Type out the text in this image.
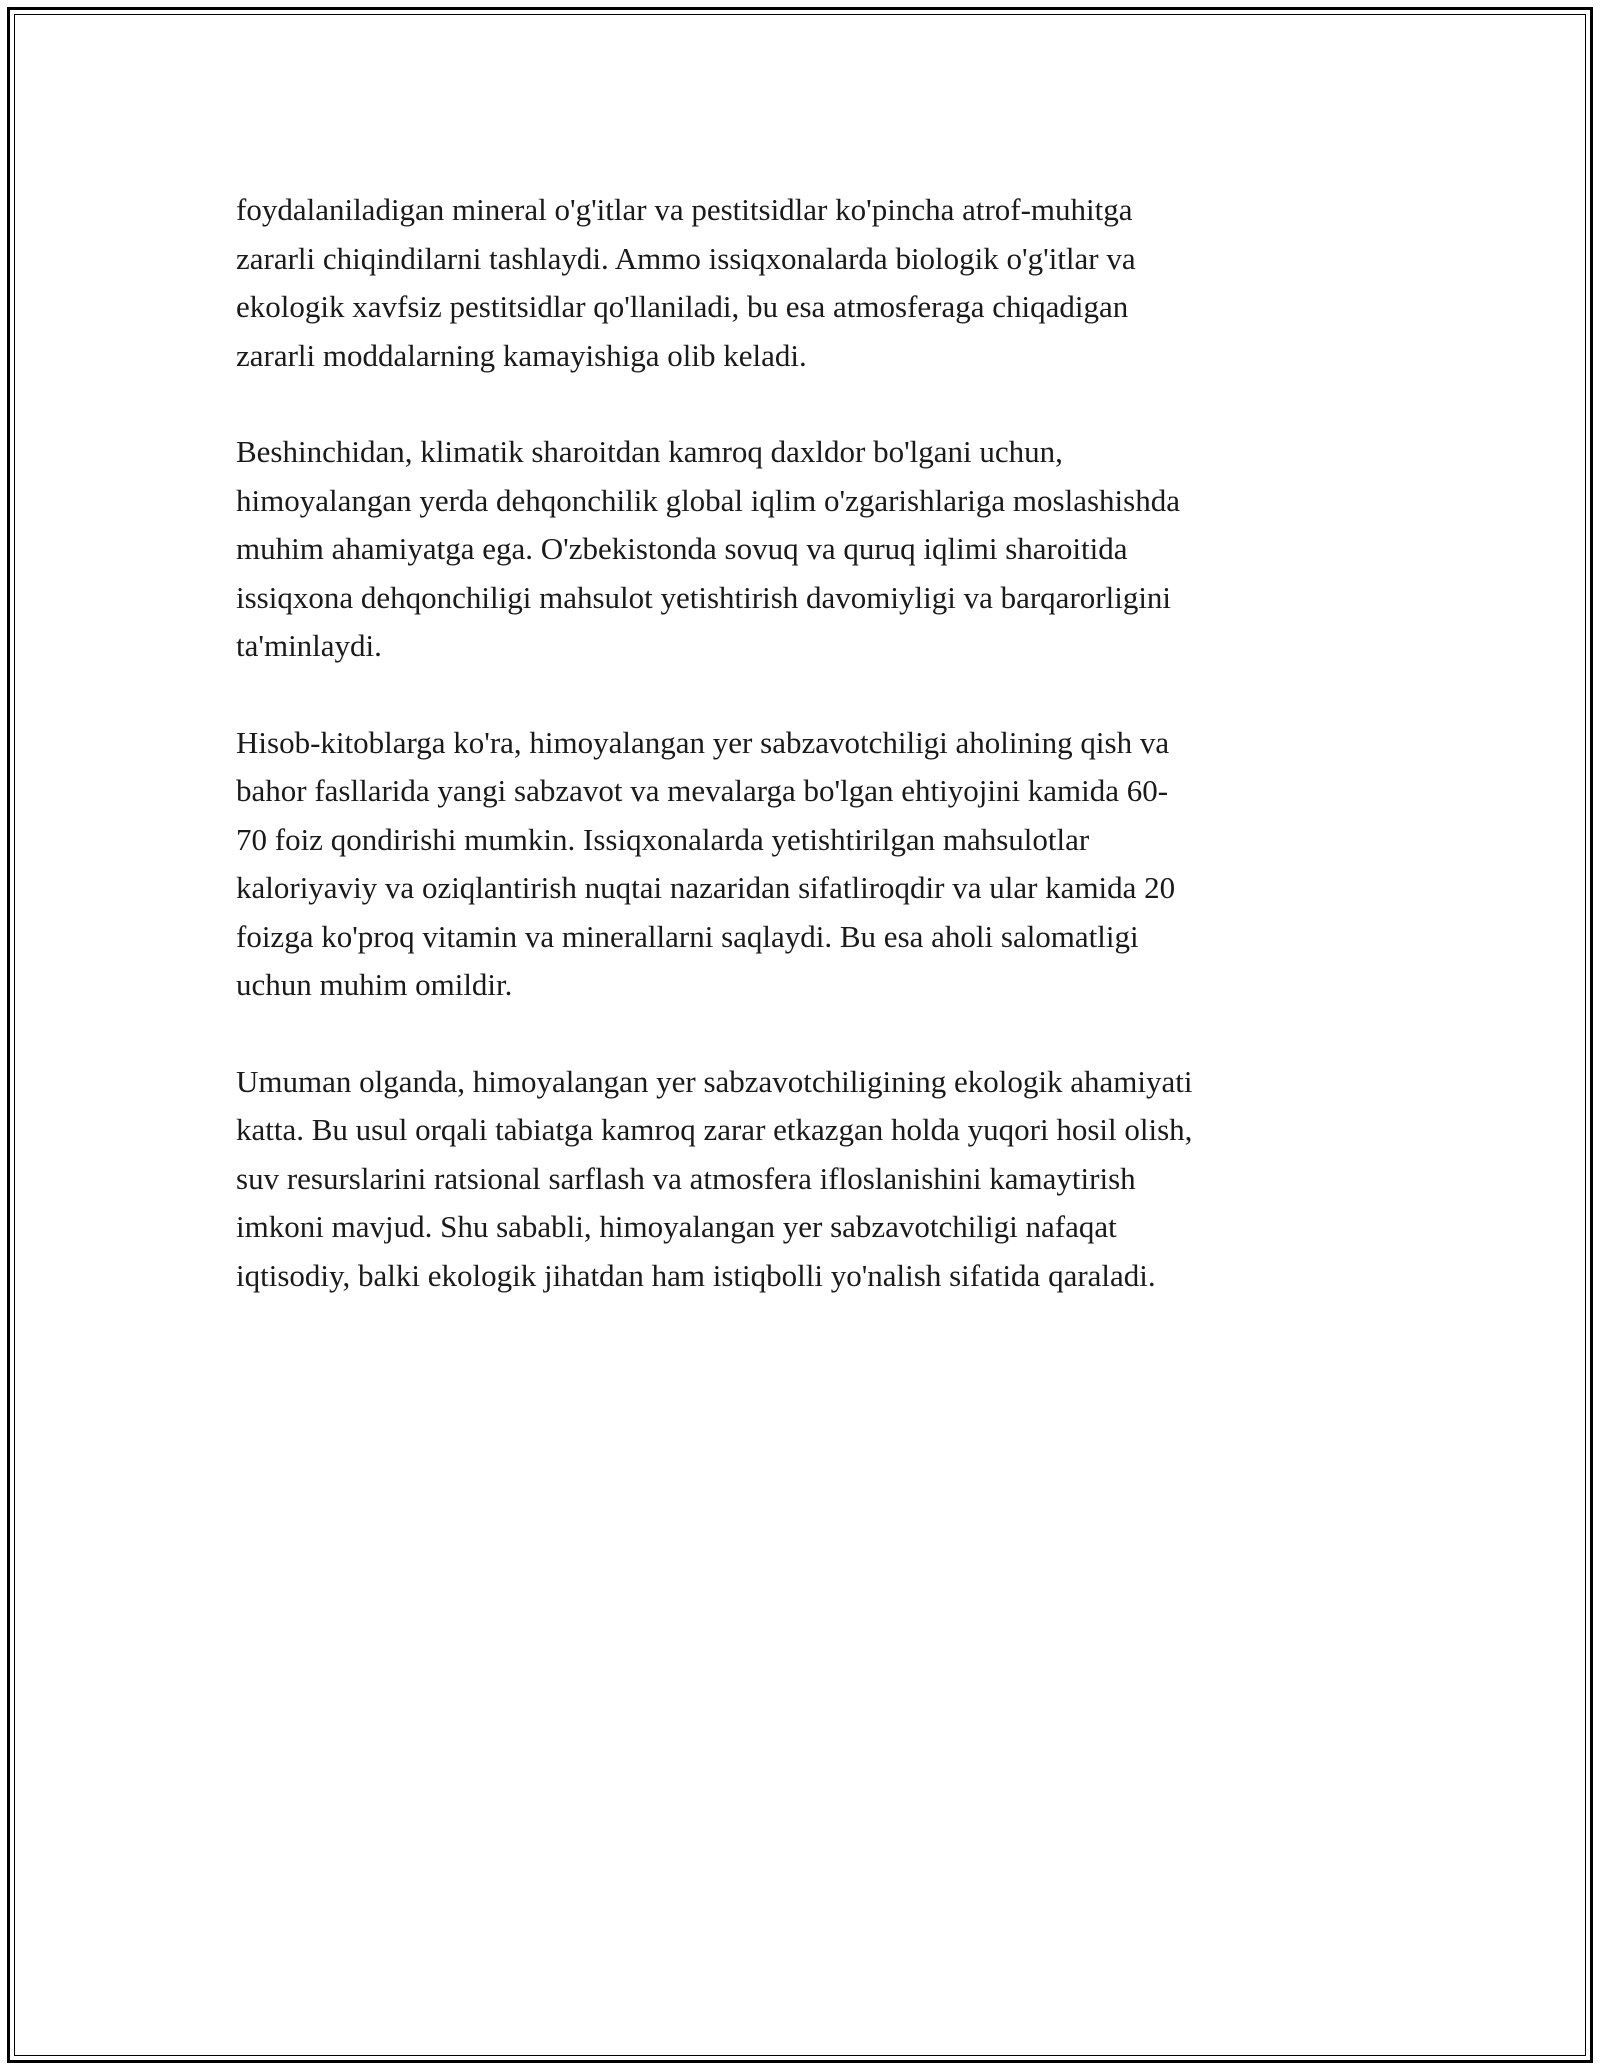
foydalaniladigan mineral o'g'itlar va pestitsidlar ko'pincha atrof-muhitga
zararli chiqindilarni tashlaydi. Ammo issiqxonalarda biologik o'g'itlar va
ekologik xavfsiz pestitsidlar qo'llaniladi, bu esa atmosferaga chiqadigan
zararli moddalarning kamayishiga olib keladi.

Beshinchidan, klimatik sharoitdan kamroq daxldor bo'lgani uchun,
himoyalangan yerda dehqonchilik global iqlim o'zgarishlariga moslashishda
muhim ahamiyatga ega. O'zbekistonda sovuq va quruq iqlimi sharoitida
issiqxona dehqonchiligi mahsulot yetishtirish davomiyligi va barqarorligini
ta'minlaydi.

Hisob-kitoblarga ko'ra, himoyalangan yer sabzavotchiligi aholining qish va
bahor fasllarida yangi sabzavot va mevalarga bo'lgan ehtiyojini kamida 60-
70 foiz qondirishi mumkin. Issiqxonalarda yetishtirilgan mahsulotlar
kaloriyaviy va oziqlantirish nuqtai nazaridan sifatliroqdir va ular kamida 20
foizga ko'proq vitamin va minerallarni saqlaydi. Bu esa aholi salomatligi
uchun muhim omildir.

Umuman olganda, himoyalangan yer sabzavotchiligining ekologik ahamiyati
katta. Bu usul orqali tabiatga kamroq zarar etkazgan holda yuqori hosil olish,
suv resurslarini ratsional sarflash va atmosfera ifloslanishini kamaytirish
imkoni mavjud. Shu sababli, himoyalangan yer sabzavotchiligi nafaqat
iqtisodiy, balki ekologik jihatdan ham istiqbolli yo'nalish sifatida qaraladi.
